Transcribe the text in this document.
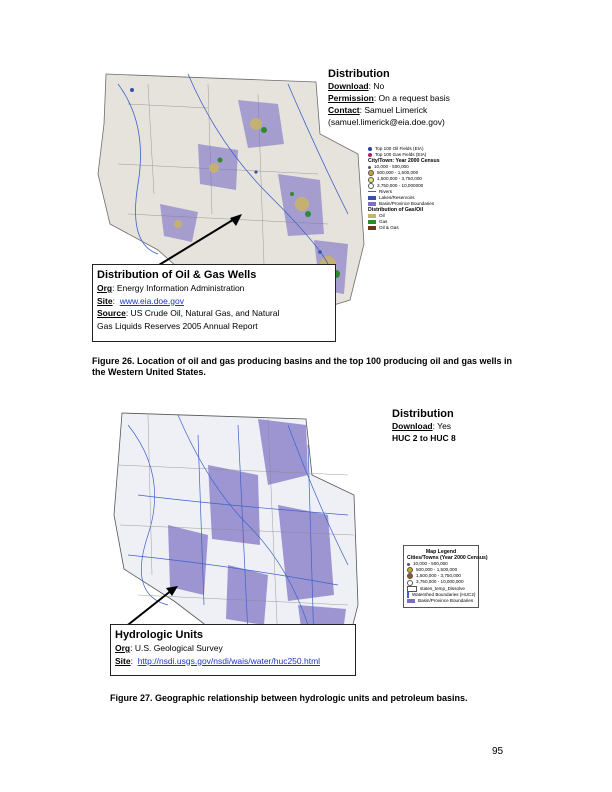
Distribution
Download: No
Permission: On a request basis
Contact: Samuel Limerick
(samuel.limerick@eia.doe.gov)
Top 100 Oil Fields (EIA)
Top 100 Gas Fields (EIA)
City/Town: Year 2000 Census
10,000 - 500,000
500,000 - 1,500,000
1,500,000 - 3,750,000
3,750,000 - 10,000000
Rivers
Lakes/Reservoirs
Basin/Province Boundaries
Distribution of Gas/Oil
Oil
Gas
Oil & Gas
Distribution of Oil & Gas Wells
Org: Energy Information Administration
Site:  www.eia.doe.gov
Source: US Crude Oil, Natural Gas, and Natural
Gas Liquids Reserves 2005 Annual Report
Figure 26. Location of oil and gas producing basins and the top 100 producing oil and gas wells in the Western United States.
Distribution
Download: Yes
HUC 2 to HUC 8
Map Legend
Cities/Towns (Year 2000 Census)
10,000 - 500,000
500,000 - 1,500,000
1,500,000 - 3,750,000
3,750,000 - 10,000,000
states_temp_Dissolve
Watershed Boundaries (HUC2)
Basin/Province Boundaries
Hydrologic Units
Org: U.S. Geological Survey
Site:  http://nsdi.usgs.gov/nsdi/wais/water/huc250.html
Figure 27. Geographic relationship between hydrologic units and petroleum basins.
95
